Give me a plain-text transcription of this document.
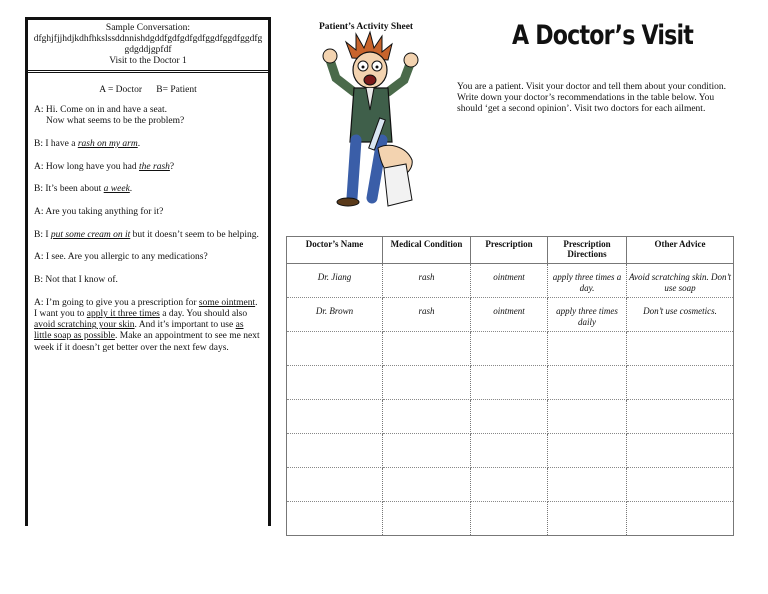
Sample Conversation:
dfghjfjjhdjkdhfhkslssddnnishdgddfgdfgdfgdfggdfggdfggdfggdgddjgpfdf
Visit to the Doctor 1
A = Doctor      B= Patient
A: Hi. Come on in and have a seat.
Now what seems to be the problem?
B: I have a rash on my arm.
A: How long have you had the rash?
B: It’s been about a week.
A: Are you taking anything for it?
B: I put some cream on it but it doesn’t seem to be helping.
A: I see. Are you allergic to any medications?
B: Not that I know of.
A: I’m going to give you a prescription for some ointment. I want you to apply it three times a day. You should also avoid scratching your skin. And it’s important to use as little soap as possible. Make an appointment to see me next week if it doesn’t get better over the next few days.
Patient’s Activity Sheet	A Doctor’s Visit
You are a patient. Visit your doctor and tell them about your condition. Write down your doctor’s recommendations in the table below. You should ‘get a second opinion’. Visit two doctors for each ailment.
Doctor’s Name	Medical Condition	Prescription	Prescription Directions	Other Advice
Dr. Jiang	rash	ointment	apply three times a day.	Avoid scratching skin. Don’t use soap
Dr. Brown	rash	ointment	apply three times daily	Don’t use cosmetics.
